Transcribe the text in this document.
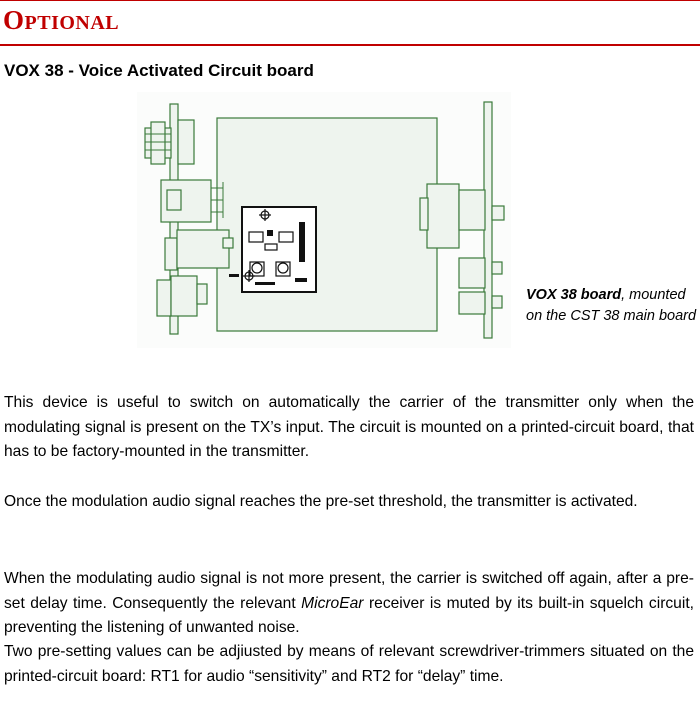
OPTIONAL
VOX 38 - Voice Activated Circuit board
VOX 38 board, mounted on the CST 38 main board

This device is useful to switch on automatically the carrier of the transmitter only when the modulating signal is present on the TX’s input. The circuit is mounted on a printed-circuit board, that has to be factory-mounted in the transmitter.

Once the modulation audio signal reaches the pre-set threshold, the transmitter is activated.

When the modulating audio signal is not more present, the carrier is switched off again, after a pre-set delay time. Consequently the relevant MicroEar receiver is muted by its built-in squelch circuit, preventing the listening of unwanted noise.

Two pre-setting values can be adjiusted by means of relevant screwdriver-trimmers situated on the printed-circuit board: RT1 for audio “sensitivity” and RT2 for “delay” time.
